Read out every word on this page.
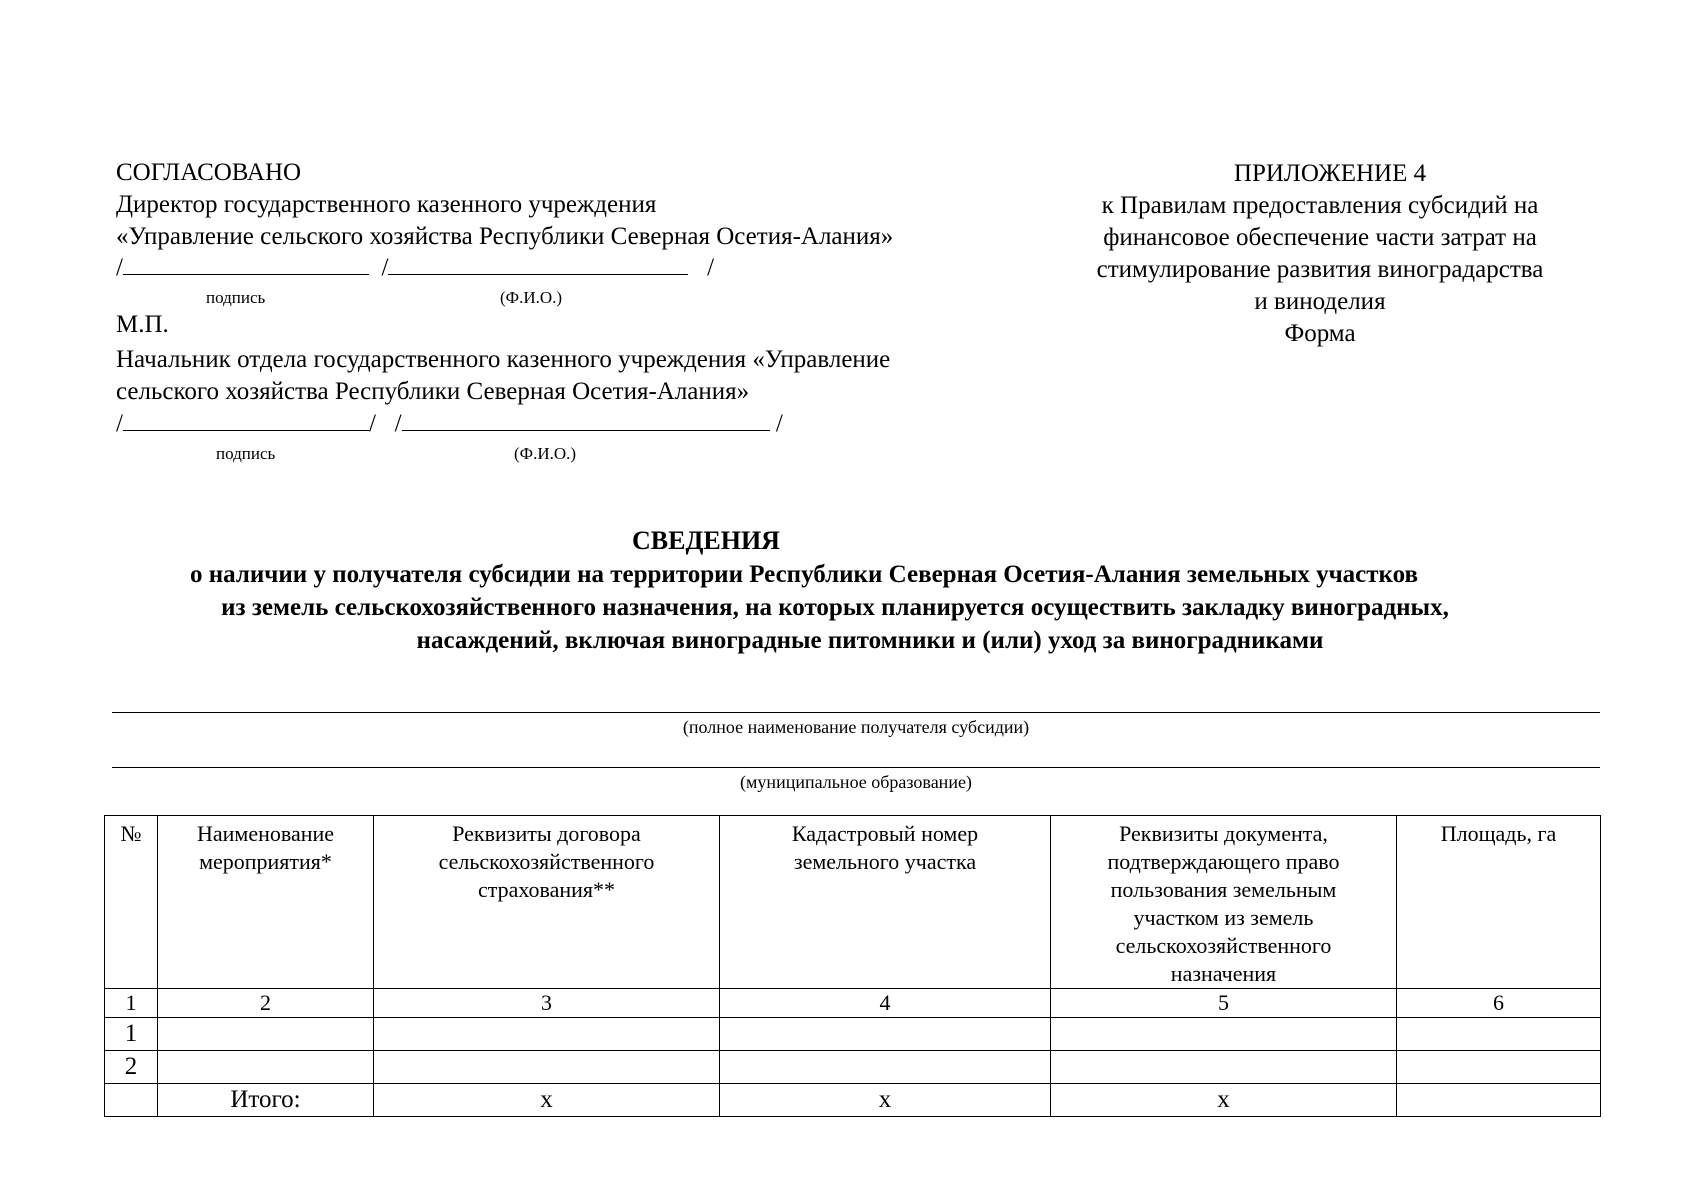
СОГЛАСОВАНО
Директор государственного казенного учреждения
«Управление сельского хозяйства Республики Северная Осетия-Алания»
/	/	/
подпись	(Ф.И.О.)
М.П.
Начальник отдела государственного казенного учреждения «Управление
сельского хозяйства Республики Северная Осетия-Алания»
/	/   /	/
подпись	(Ф.И.О.)
ПРИЛОЖЕНИЕ 4
к Правилам предоставления субсидий на
финансовое обеспечение части затрат на
стимулирование развития виноградарства
и виноделия
Форма
СВЕДЕНИЯ
о наличии у получателя субсидии на территории Республики Северная Осетия-Алания земельных участков
из земель сельскохозяйственного назначения, на которых планируется осуществить закладку виноградных,
насаждений, включая виноградные питомники и (или) уход за виноградниками
(полное наименование получателя субсидии)
(муниципальное образование)
№	Наименование мероприятия*	Реквизиты договора сельскохозяйственного страхования**	Кадастровый номер земельного участка	Реквизиты документа, подтверждающего право пользования земельным участком из земель сельскохозяйственного назначения	Площадь, га
1	2	3	4	5	6
1					
2					
	Итого:	х	х	х	
